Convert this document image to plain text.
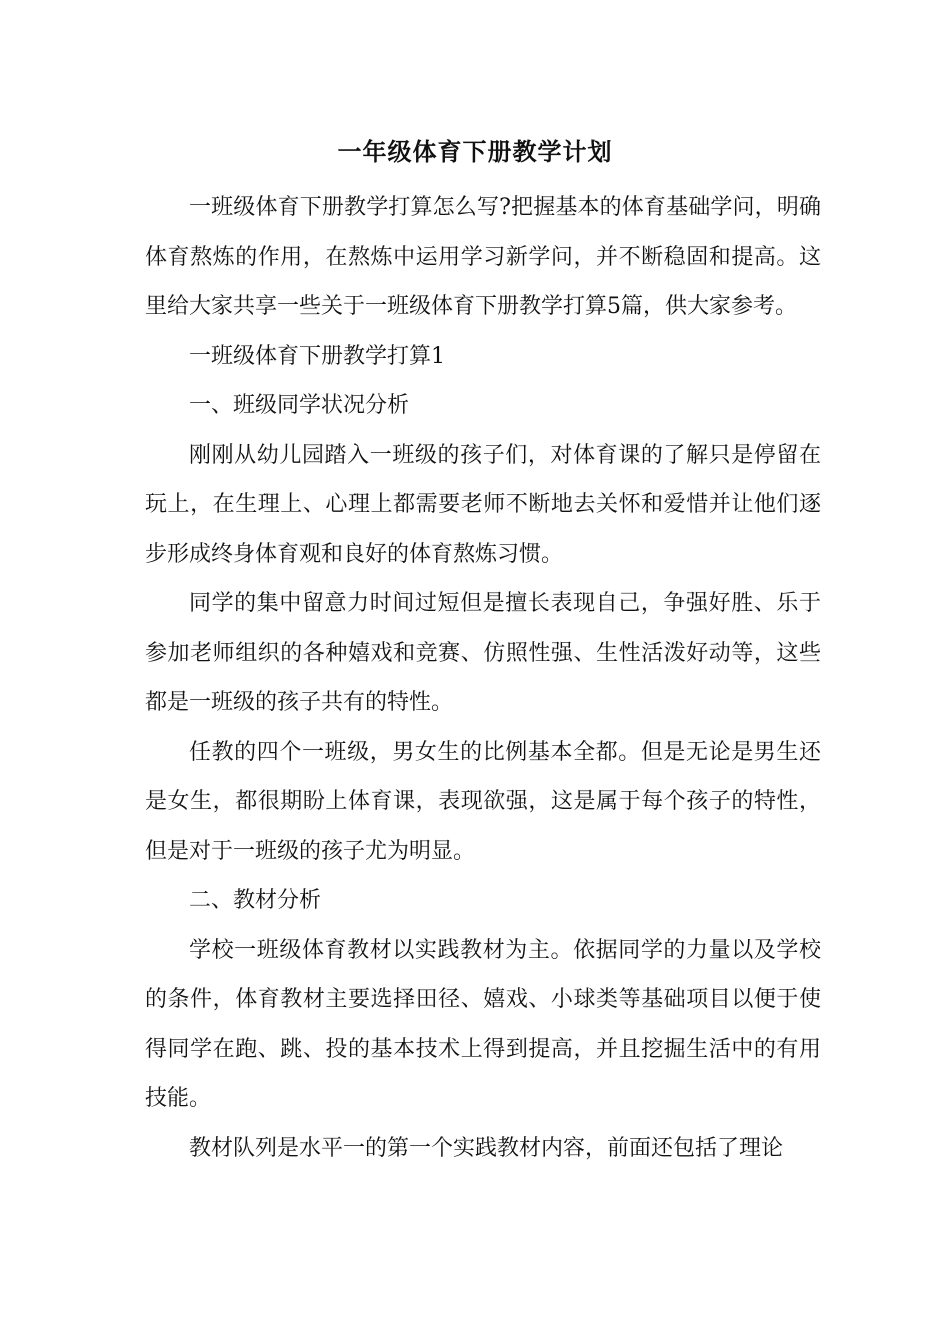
一年级体育下册教学计划

一班级体育下册教学打算怎么写?把握基本的体育基础学问，明确体育熬炼的作用，在熬炼中运用学习新学问，并不断稳固和提高。这里给大家共享一些关于一班级体育下册教学打算5篇，供大家参考。

一班级体育下册教学打算1

一、班级同学状况分析

刚刚从幼儿园踏入一班级的孩子们，对体育课的了解只是停留在玩上，在生理上、心理上都需要老师不断地去关怀和爱惜并让他们逐步形成终身体育观和良好的体育熬炼习惯。

同学的集中留意力时间过短但是擅长表现自己，争强好胜、乐于参加老师组织的各种嬉戏和竞赛、仿照性强、生性活泼好动等，这些都是一班级的孩子共有的特性。

任教的四个一班级，男女生的比例基本全都。但是无论是男生还是女生，都很期盼上体育课，表现欲强，这是属于每个孩子的特性，但是对于一班级的孩子尤为明显。

二、教材分析

学校一班级体育教材以实践教材为主。依据同学的力量以及学校的条件，体育教材主要选择田径、嬉戏、小球类等基础项目以便于使得同学在跑、跳、投的基本技术上得到提高，并且挖掘生活中的有用技能。

教材队列是水平一的第一个实践教材内容，前面还包括了理论
